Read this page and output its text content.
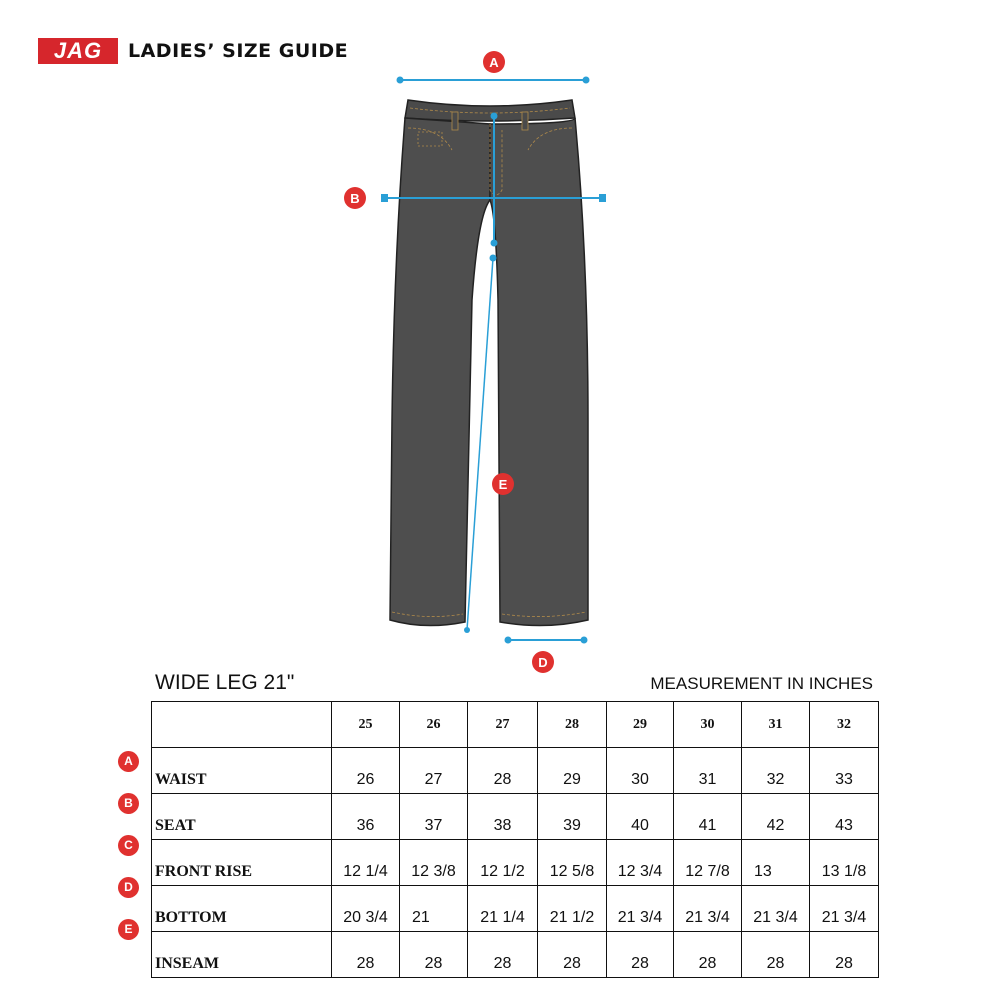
JAG	LADIES’ SIZE GUIDE
A
B
E
D
WIDE LEG 21"	MEASUREMENT IN INCHES
	25	26	27	28	29	30	31	32
WAIST	26	27	28	29	30	31	32	33
SEAT	36	37	38	39	40	41	42	43
FRONT RISE	12 1/4	12 3/8	12 1/2	12 5/8	12 3/4	12 7/8	13	13 1/8
BOTTOM	20 3/4	21	21 1/4	21 1/2	21 3/4	21 3/4	21 3/4	21 3/4
INSEAM	28	28	28	28	28	28	28	28
A
B
C
D
E
